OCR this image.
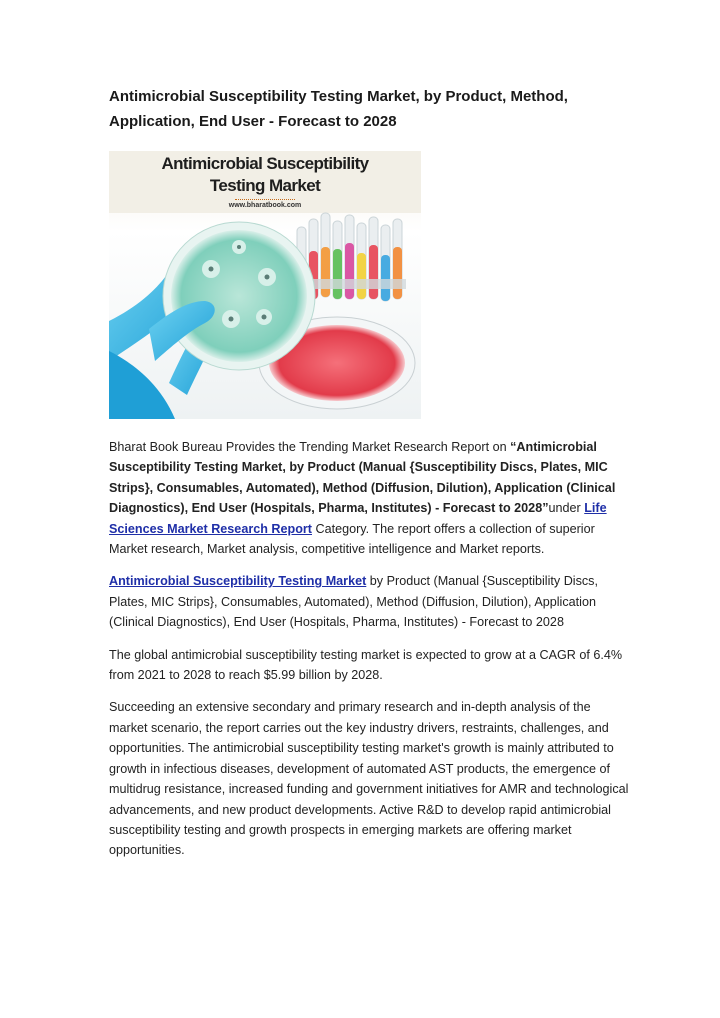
Antimicrobial Susceptibility Testing Market, by Product, Method, Application, End User - Forecast to 2028
Antimicrobial Susceptibility
Testing Market
www.bharatbook.com

Bharat Book Bureau Provides the Trending Market Research Report on “Antimicrobial Susceptibility Testing Market, by Product (Manual {Susceptibility Discs, Plates, MIC Strips}, Consumables, Automated), Method (Diffusion, Dilution), Application (Clinical Diagnostics), End User (Hospitals, Pharma, Institutes) - Forecast to 2028”under Life Sciences Market Research Report Category. The report offers a collection of superior Market research, Market analysis, competitive intelligence and Market reports.

Antimicrobial Susceptibility Testing Market by Product (Manual {Susceptibility Discs, Plates, MIC Strips}, Consumables, Automated), Method (Diffusion, Dilution), Application (Clinical Diagnostics), End User (Hospitals, Pharma, Institutes) - Forecast to 2028

The global antimicrobial susceptibility testing market is expected to grow at a CAGR of 6.4% from 2021 to 2028 to reach $5.99 billion by 2028.

Succeeding an extensive secondary and primary research and in-depth analysis of the market scenario, the report carries out the key industry drivers, restraints, challenges, and opportunities. The antimicrobial susceptibility testing market's growth is mainly attributed to growth in infectious diseases, development of automated AST products, the emergence of multidrug resistance, increased funding and government initiatives for AMR and technological advancements, and new product developments. Active R&D to develop rapid antimicrobial susceptibility testing and growth prospects in emerging markets are offering market opportunities.
